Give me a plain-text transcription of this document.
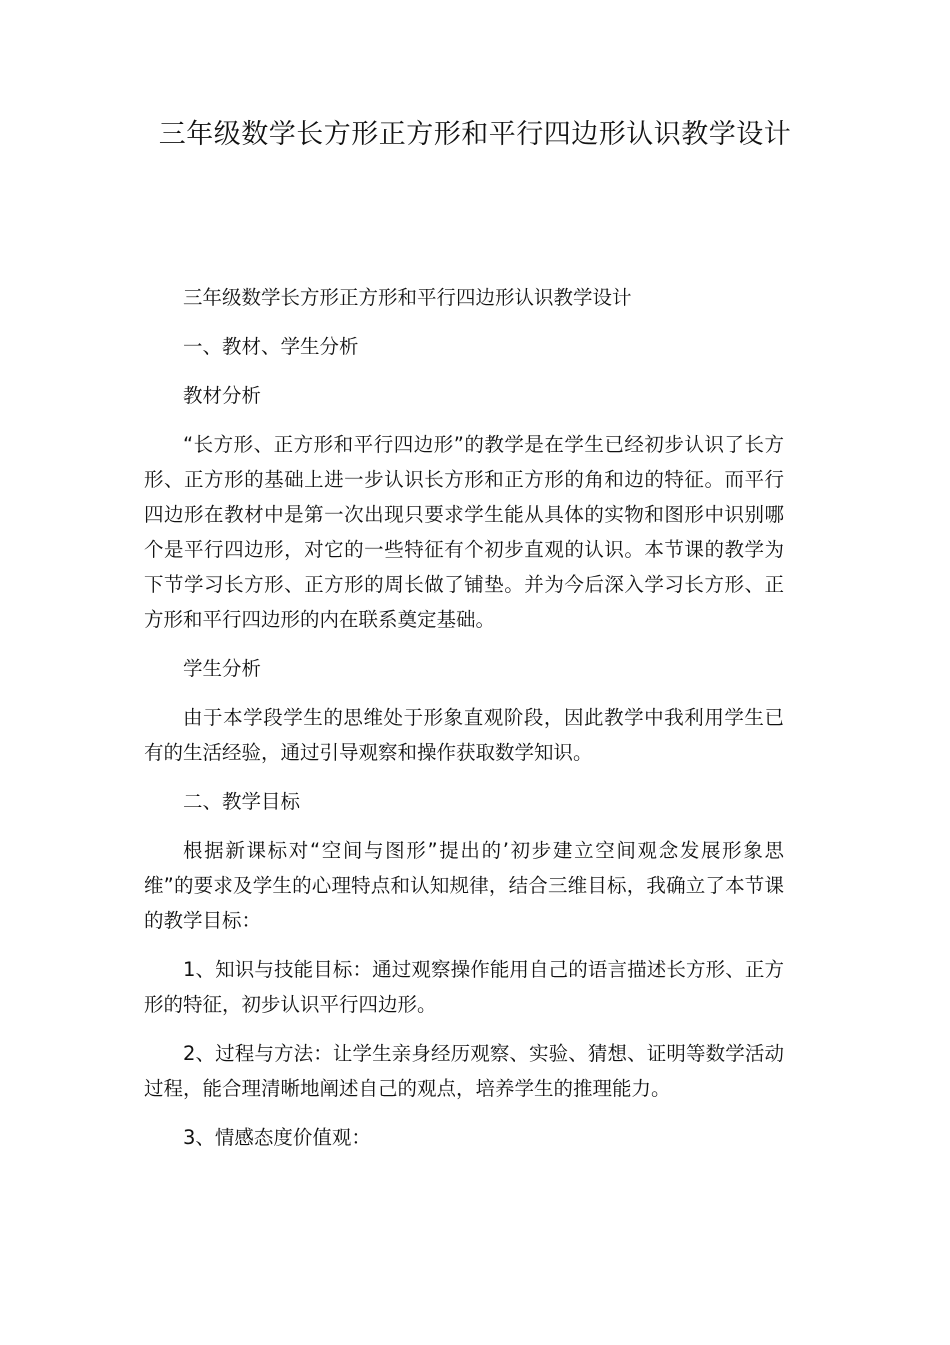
三年级数学长方形正方形和平行四边形认识教学设计

三年级数学长方形正方形和平行四边形认识教学设计

一、教材、学生分析

教材分析

“长方形、正方形和平行四边形”的教学是在学生已经初步认识了长方形、正方形的基础上进一步认识长方形和正方形的角和边的特征。而平行四边形在教材中是第一次出现只要求学生能从具体的实物和图形中识别哪个是平行四边形，对它的一些特征有个初步直观的认识。本节课的教学为下节学习长方形、正方形的周长做了铺垫。并为今后深入学习长方形、正方形和平行四边形的内在联系奠定基础。

学生分析

由于本学段学生的思维处于形象直观阶段，因此教学中我利用学生已有的生活经验，通过引导观察和操作获取数学知识。

二、教学目标

根据新课标对“空间与图形”提出的’初步建立空间观念发展形象思维”的要求及学生的心理特点和认知规律，结合三维目标，我确立了本节课的教学目标：

1、知识与技能目标：通过观察操作能用自己的语言描述长方形、正方形的特征，初步认识平行四边形。

2、过程与方法：让学生亲身经历观察、实验、猜想、证明等数学活动过程，能合理清晰地阐述自己的观点，培养学生的推理能力。

3、情感态度价值观：
